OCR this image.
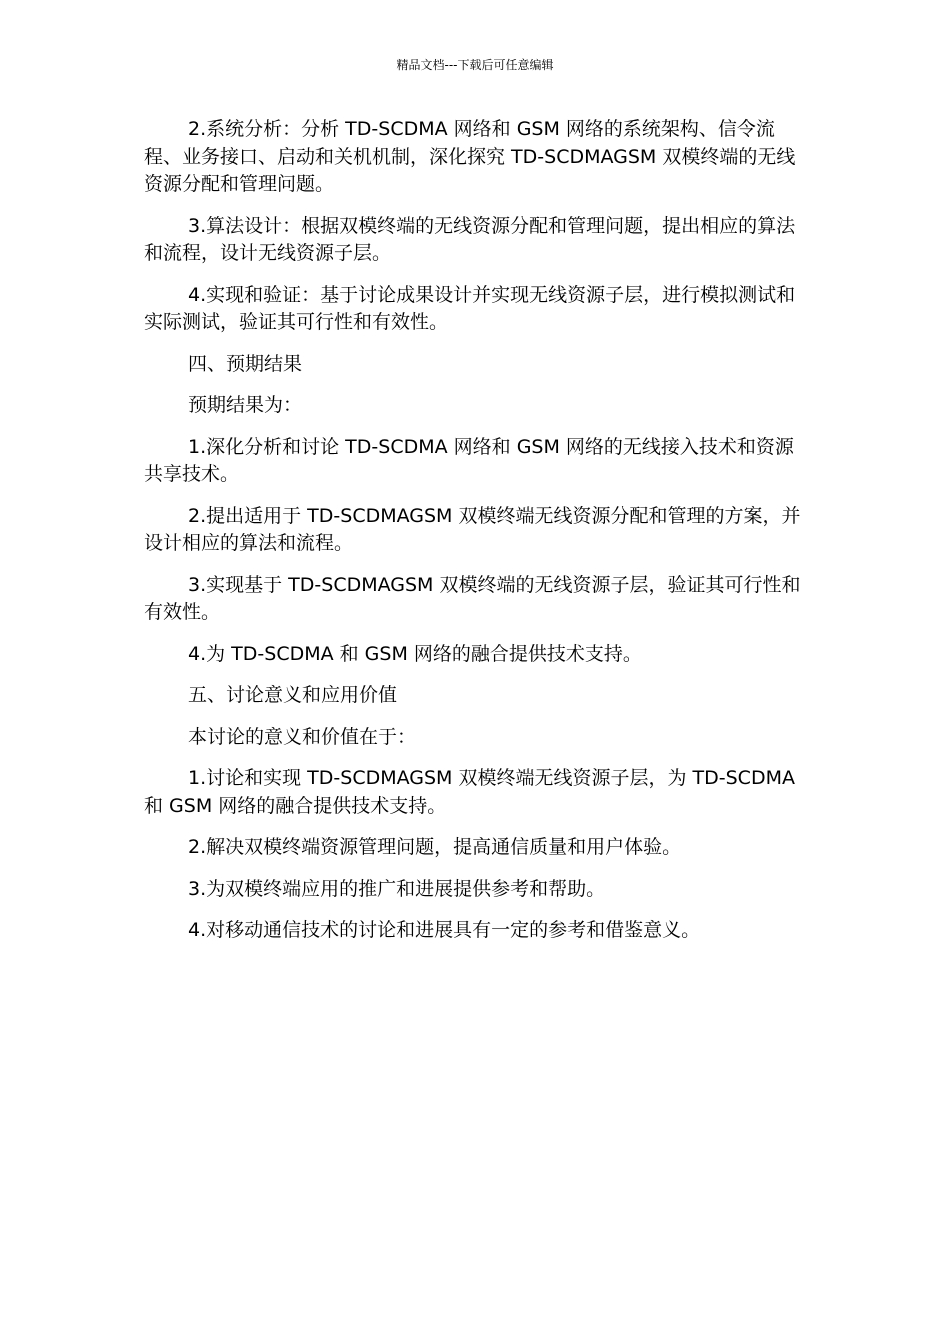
精品文档---下载后可任意编辑

2.系统分析：分析 TD-SCDMA 网络和 GSM 网络的系统架构、信令流程、业务接口、启动和关机机制，深化探究 TD-SCDMAGSM 双模终端的无线资源分配和管理问题。

3.算法设计：根据双模终端的无线资源分配和管理问题，提出相应的算法和流程，设计无线资源子层。

4.实现和验证：基于讨论成果设计并实现无线资源子层，进行模拟测试和实际测试，验证其可行性和有效性。

四、预期结果

预期结果为：

1.深化分析和讨论 TD-SCDMA 网络和 GSM 网络的无线接入技术和资源共享技术。

2.提出适用于 TD-SCDMAGSM 双模终端无线资源分配和管理的方案，并设计相应的算法和流程。

3.实现基于 TD-SCDMAGSM 双模终端的无线资源子层，验证其可行性和有效性。

4.为 TD-SCDMA 和 GSM 网络的融合提供技术支持。

五、讨论意义和应用价值

本讨论的意义和价值在于：

1.讨论和实现 TD-SCDMAGSM 双模终端无线资源子层，为 TD-SCDMA 和 GSM 网络的融合提供技术支持。

2.解决双模终端资源管理问题，提高通信质量和用户体验。

3.为双模终端应用的推广和进展提供参考和帮助。

4.对移动通信技术的讨论和进展具有一定的参考和借鉴意义。
